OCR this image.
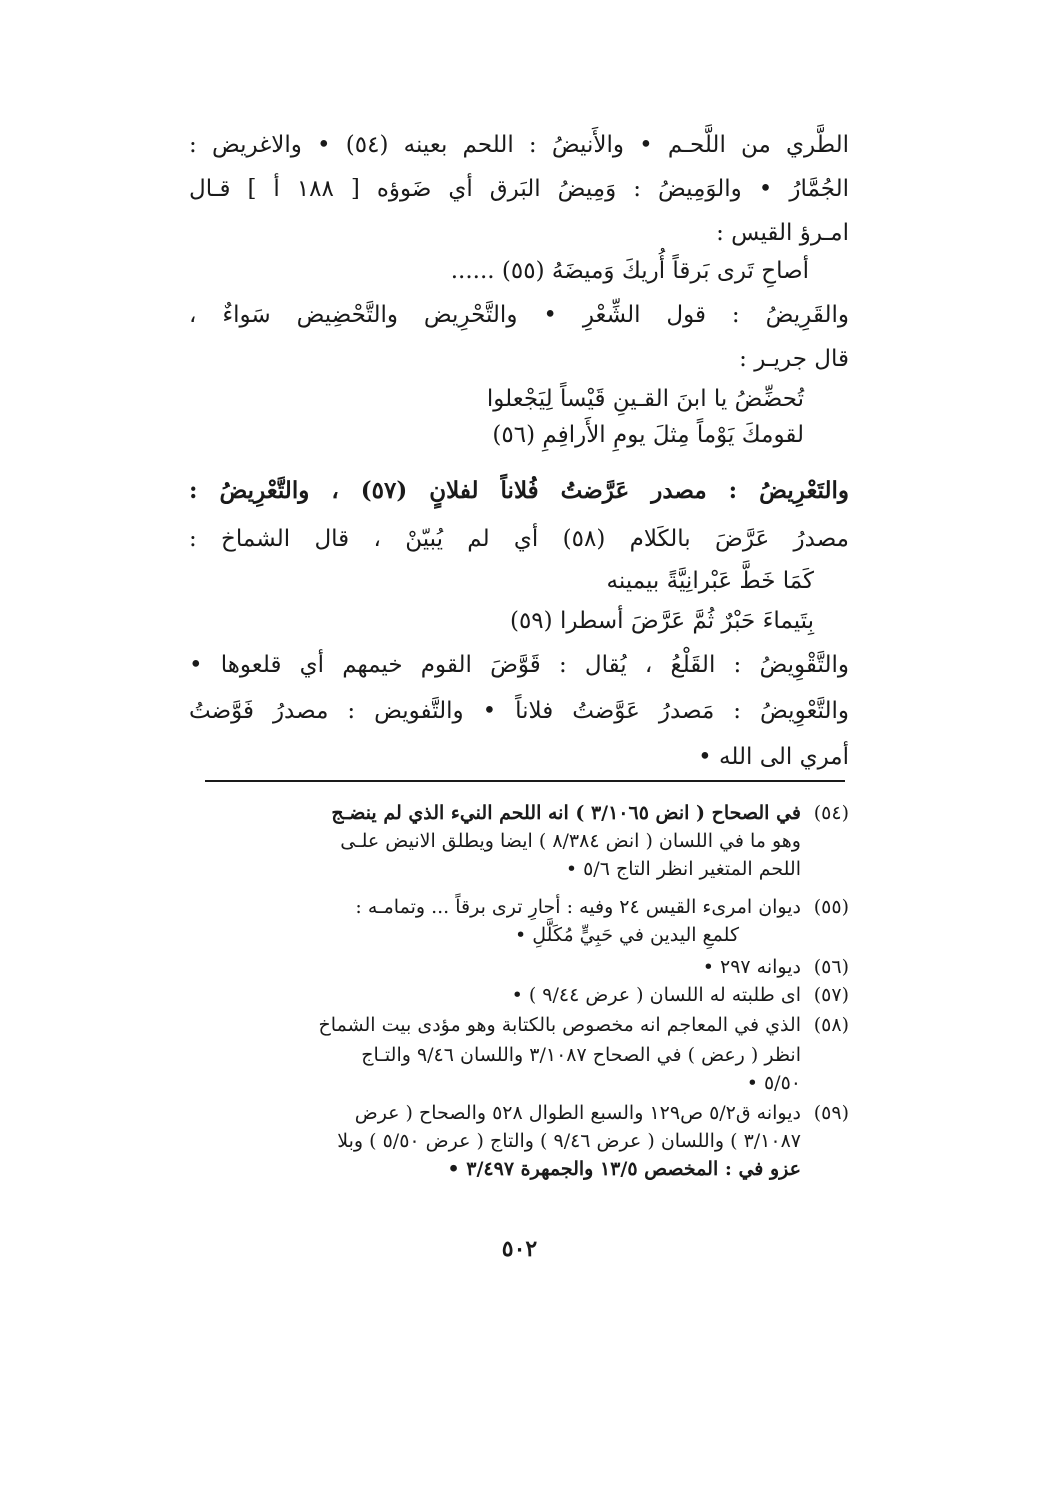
الطَّري من اللَّحـم • والأَنيضُ : اللحم بعينه (٥٤) • والاغريض :
الجُمَّارُ • والوَمِيضُ : وَمِيضُ البَرق أي ضَوؤه [ ١٨٨ أ ] قـال
امـرؤ القيس :
أصاحِ تَرى بَرقاً أُريكَ وَميضَهُ (٥٥) ......
والقَرِيضُ : قول الشِّعْرِ • والتَّحْرِيض والتَّحْضِيض سَواءٌ ،
قال جريـر :
تُحضِّضُ يا ابنَ القـينِ قَيْساً لِيَجْعلوا
لقومكَ يَوْماً مِثلَ يومِ الأَرافِمِ (٥٦)
والتَعْرِيضُ : مصدر عَرَّضتُ فُلاناً لفلانٍ (٥٧) ، والتَّعْرِيضُ :
مصدرُ عَرَّضَ بالكَلام (٥٨) أي لم يُبيّنْ ، قال الشماخ :
كَمَا خَطَّ عَبْرانِيَّةً بيمينه
بِتَيماءَ حَبْرٌ ثُمَّ عَرَّضَ أسطرا (٥٩)
والتَّقْوِيضُ : القَلْعُ ، يُقال : قَوَّضَ القوم خيمهم أي قلعوها •
والتَّعْوِيضُ : مَصدرُ عَوَّضتُ فلاناً • والتَّفويض : مصدرُ فَوَّضتُ
أمري الى الله •
(٥٤)
في الصحاح ( انض ٣/١٠٦٥ ) انه اللحم النيء الذي لم ينضـج
وهو ما في اللسان ( انض ٨/٣٨٤ ) ايضا ويطلق الانيض علـى
اللحم المتغير انظر التاج ٥/٦ •
(٥٥)
ديوان امرىء القيس ٢٤ وفيه : أحارِ ترى برقاً ... وتمامـه :
كلمعِ اليدين في حَبِيٍّ مُكَلَّلِ •
(٥٦)
ديوانه ٢٩٧ •
(٥٧)
اى طلبته له اللسان ( عرض ٩/٤٤ ) •
(٥٨)
الذي في المعاجم انه مخصوص بالكتابة وهو مؤدى بيت الشماخ
انظر ( رعض ) في الصحاح ٣/١٠٨٧ واللسان ٩/٤٦ والتـاج
٥/٥٠ •
(٥٩)
ديوانه ق٥/٢ ص١٢٩ والسبع الطوال ٥٢٨ والصحاح ( عرض
٣/١٠٨٧ ) واللسان ( عرض ٩/٤٦ ) والتاج ( عرض ٥/٥٠ ) وبلا
عزو في : المخصص ١٣/٥ والجمهرة ٣/٤٩٧ •
٥٠٢
